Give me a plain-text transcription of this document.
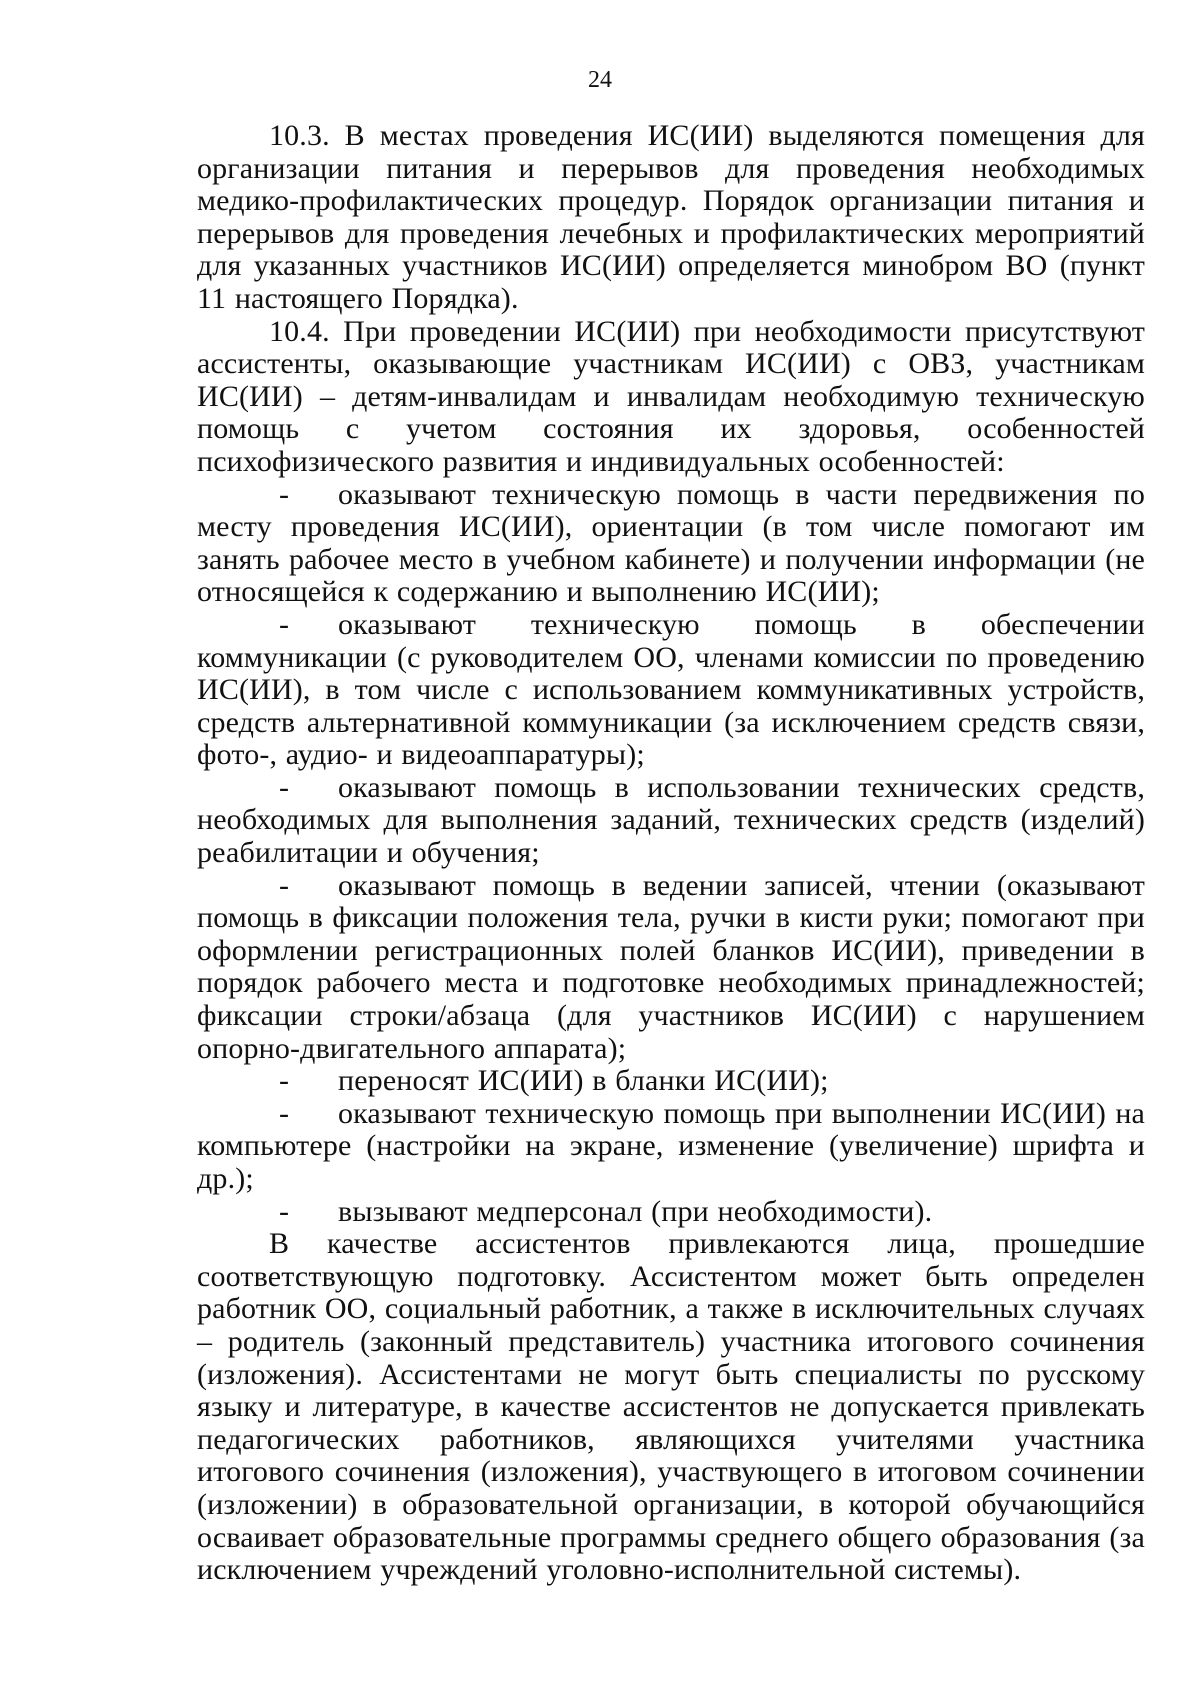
24

10.3. В местах проведения ИС(ИИ) выделяются помещения для организации питания и перерывов для проведения необходимых медико-профилактических процедур. Порядок организации питания и перерывов для проведения лечебных и профилактических мероприятий для указанных участников ИС(ИИ) определяется минобром ВО (пункт 11 настоящего Порядка).

10.4. При проведении ИС(ИИ) при необходимости присутствуют ассистенты, оказывающие участникам ИС(ИИ) с ОВЗ, участникам ИС(ИИ) – детям-инвалидам и инвалидам необходимую техническую помощь с учетом состояния их здоровья, особенностей психофизического развития и индивидуальных особенностей:

- оказывают техническую помощь в части передвижения по месту проведения ИС(ИИ), ориентации (в том числе помогают им занять рабочее место в учебном кабинете) и получении информации (не относящейся к содержанию и выполнению ИС(ИИ);

- оказывают техническую помощь в обеспечении коммуникации (с руководителем ОО, членами комиссии по проведению ИС(ИИ), в том числе с использованием коммуникативных устройств, средств альтернативной коммуникации (за исключением средств связи, фото-, аудио- и видеоаппаратуры);

- оказывают помощь в использовании технических средств, необходимых для выполнения заданий, технических средств (изделий) реабилитации и обучения;

- оказывают помощь в ведении записей, чтении (оказывают помощь в фиксации положения тела, ручки в кисти руки; помогают при оформлении регистрационных полей бланков ИС(ИИ), приведении в порядок рабочего места и подготовке необходимых принадлежностей; фиксации строки/абзаца (для участников ИС(ИИ) с нарушением опорно-двигательного аппарата);

- переносят ИС(ИИ) в бланки ИС(ИИ);

- оказывают техническую помощь при выполнении ИС(ИИ) на компьютере (настройки на экране, изменение (увеличение) шрифта и др.);

- вызывают медперсонал (при необходимости).

В качестве ассистентов привлекаются лица, прошедшие соответствующую подготовку. Ассистентом может быть определен работник ОО, социальный работник, а также в исключительных случаях – родитель (законный представитель) участника итогового сочинения (изложения). Ассистентами не могут быть специалисты по русскому языку и литературе, в качестве ассистентов не допускается привлекать педагогических работников, являющихся учителями участника итогового сочинения (изложения), участвующего в итоговом сочинении (изложении) в образовательной организации, в которой обучающийся осваивает образовательные программы среднего общего образования (за исключением учреждений уголовно-исполнительной системы).
